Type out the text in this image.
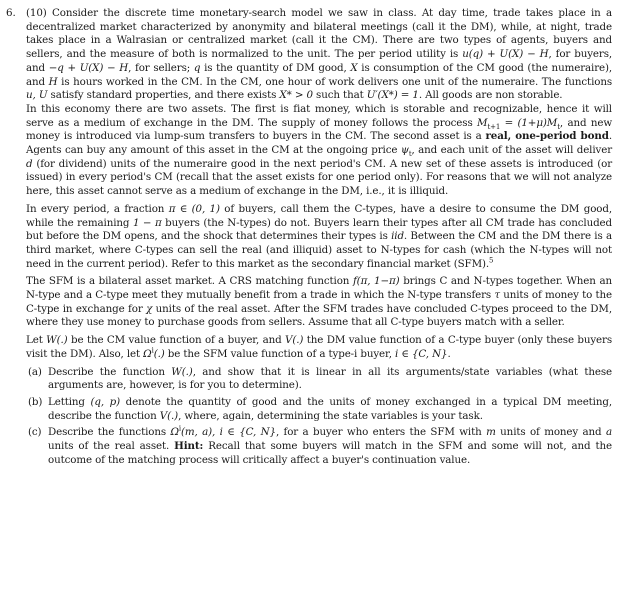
6. (10) Consider the discrete time monetary-search model we saw in class. At day time, trade takes place in a decentralized market characterized by anonymity and bilateral meetings (call it the DM), while, at night, trade takes place in a Walrasian or centralized market (call it the CM). There are two types of agents, buyers and sellers, and the measure of both is normalized to the unit. The per period utility is u(q) + U(X) − H, for buyers, and −q + U(X) − H, for sellers; q is the quantity of DM good, X is consumption of the CM good (the numeraire), and H is hours worked in the CM. In the CM, one hour of work delivers one unit of the numeraire. The functions u, U satisfy standard properties, and there exists X* > 0 such that U′(X*) = 1. All goods are non storable.

In this economy there are two assets. The first is fiat money, which is storable and recognizable, hence it will serve as a medium of exchange in the DM. The supply of money follows the process $M_{t+1} = (1+\mu)M_t$, and new money is introduced via lump-sum transfers to buyers in the CM. The second asset is a real, one-period bond. Agents can buy any amount of this asset in the CM at the ongoing price $\psi_t$, and each unit of the asset will deliver d (for dividend) units of the numeraire good in the next period's CM. A new set of these assets is introduced (or issued) in every period's CM (recall that the asset exists for one period only). For reasons that we will not analyze here, this asset cannot serve as a medium of exchange in the DM, i.e., it is illiquid.

In every period, a fraction π ∈ (0, 1) of buyers, call them the C-types, have a desire to consume the DM good, while the remaining 1 − π buyers (the N-types) do not. Buyers learn their types after all CM trade has concluded but before the DM opens, and the shock that determines their types is iid. Between the CM and the DM there is a third market, where C-types can sell the real (and illiquid) asset to N-types for cash (which the N-types will not need in the current period). Refer to this market as the secondary financial market (SFM).$^5$

The SFM is a bilateral asset market. A CRS matching function f(π, 1−π) brings C and N-types together. When an N-type and a C-type meet they mutually benefit from a trade in which the N-type transfers τ units of money to the C-type in exchange for χ units of the real asset. After the SFM trades have concluded C-types proceed to the DM, where they use money to purchase goods from sellers. Assume that all C-type buyers match with a seller.

Let W(.) be the CM value function of a buyer, and V(.) the DM value function of a C-type buyer (only these buyers visit the DM). Also, let $\Omega^i(.)$ be the SFM value function of a type-i buyer, i ∈ {C, N}.

(a) Describe the function W(.), and show that it is linear in all its arguments/state variables (what these arguments are, however, is for you to determine).
(b) Letting (q, p) denote the quantity of good and the units of money exchanged in a typical DM meeting, describe the function V(.), where, again, determining the state variables is your task.
(c) Describe the functions $\Omega^i(m$, a), i ∈ {C, N}, for a buyer who enters the SFM with m units of money and a units of the real asset. Hint: Recall that some buyers will match in the SFM and some will not, and the outcome of the matching process will critically affect a buyer's continuation value.
